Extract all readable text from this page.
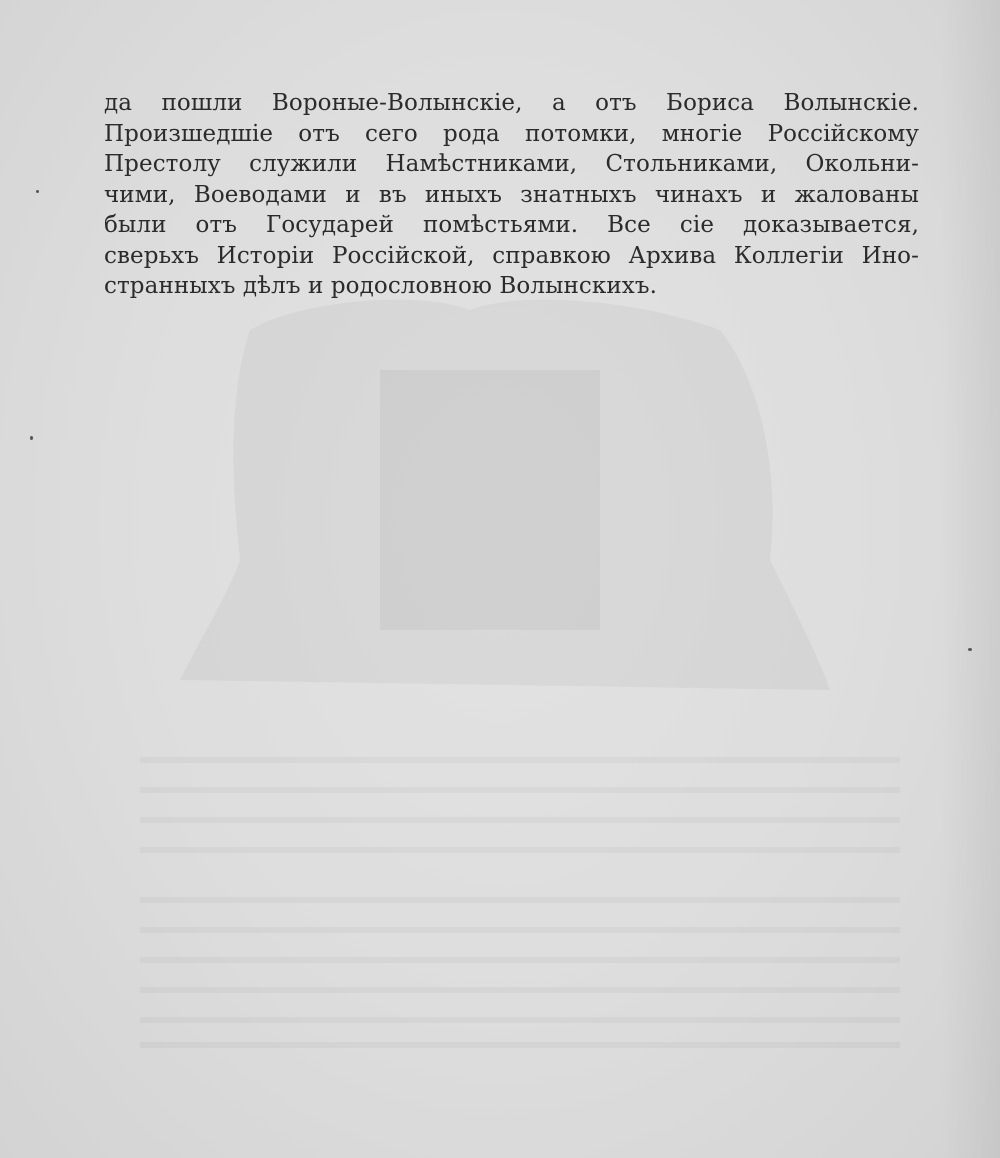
да пошли Вороные-Волынскіе, а отъ Бориса Волынскіе.
Произшедшіе отъ сего рода потомки, многіе Россійскому
Престолу служили Намѣстниками, Стольниками, Окольни-
чими, Воеводами и въ иныхъ знатныхъ чинахъ и жалованы
были отъ Государей помѣстьями. Все сіе доказывается,
сверьхъ Исторіи Россійской, справкою Архива Коллегіи Ино-
странныхъ дѣлъ и родословною Волынскихъ.
